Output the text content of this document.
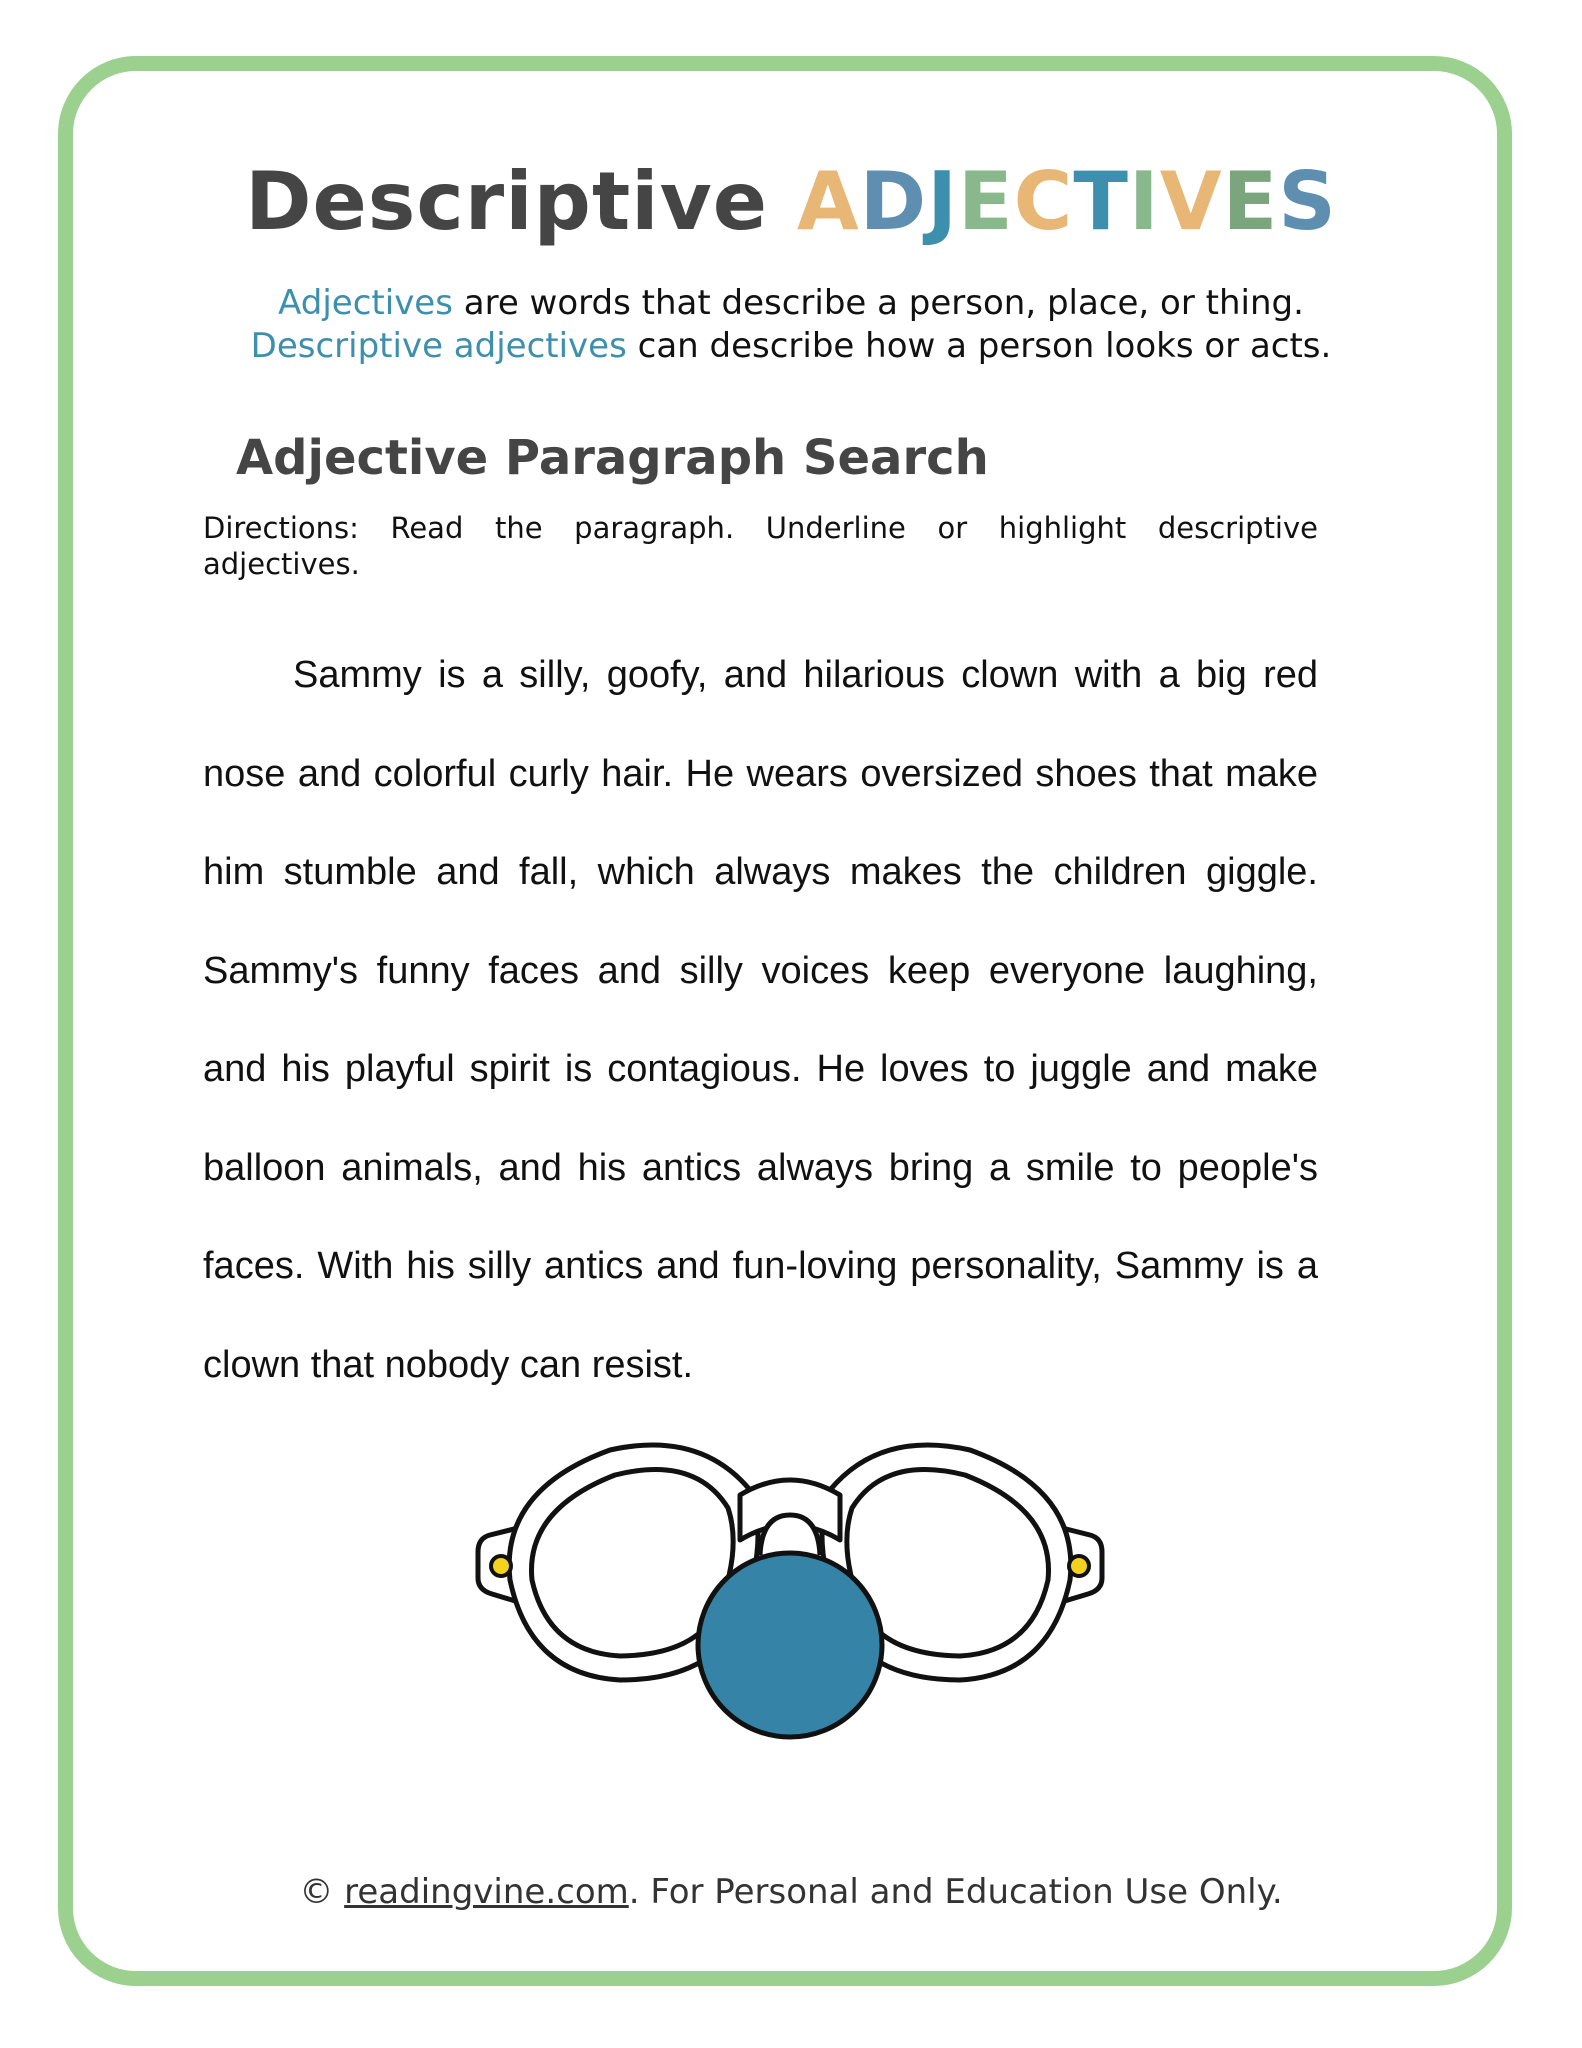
Descriptive ADJECTIVES
Adjectives are words that describe a person, place, or thing.
Descriptive adjectives can describe how a person looks or acts.
Adjective Paragraph Search
Directions: Read the paragraph. Underline or highlight descriptive adjectives.
Sammy is a silly, goofy, and hilarious clown with a big red nose and colorful curly hair. He wears oversized shoes that make him stumble and fall, which always makes the children giggle. Sammy's funny faces and silly voices keep everyone laughing, and his playful spirit is contagious. He loves to juggle and make balloon animals, and his antics always bring a smile to people's faces. With his silly antics and fun-loving personality, Sammy is a clown that nobody can resist.
© readingvine.com. For Personal and Education Use Only.
